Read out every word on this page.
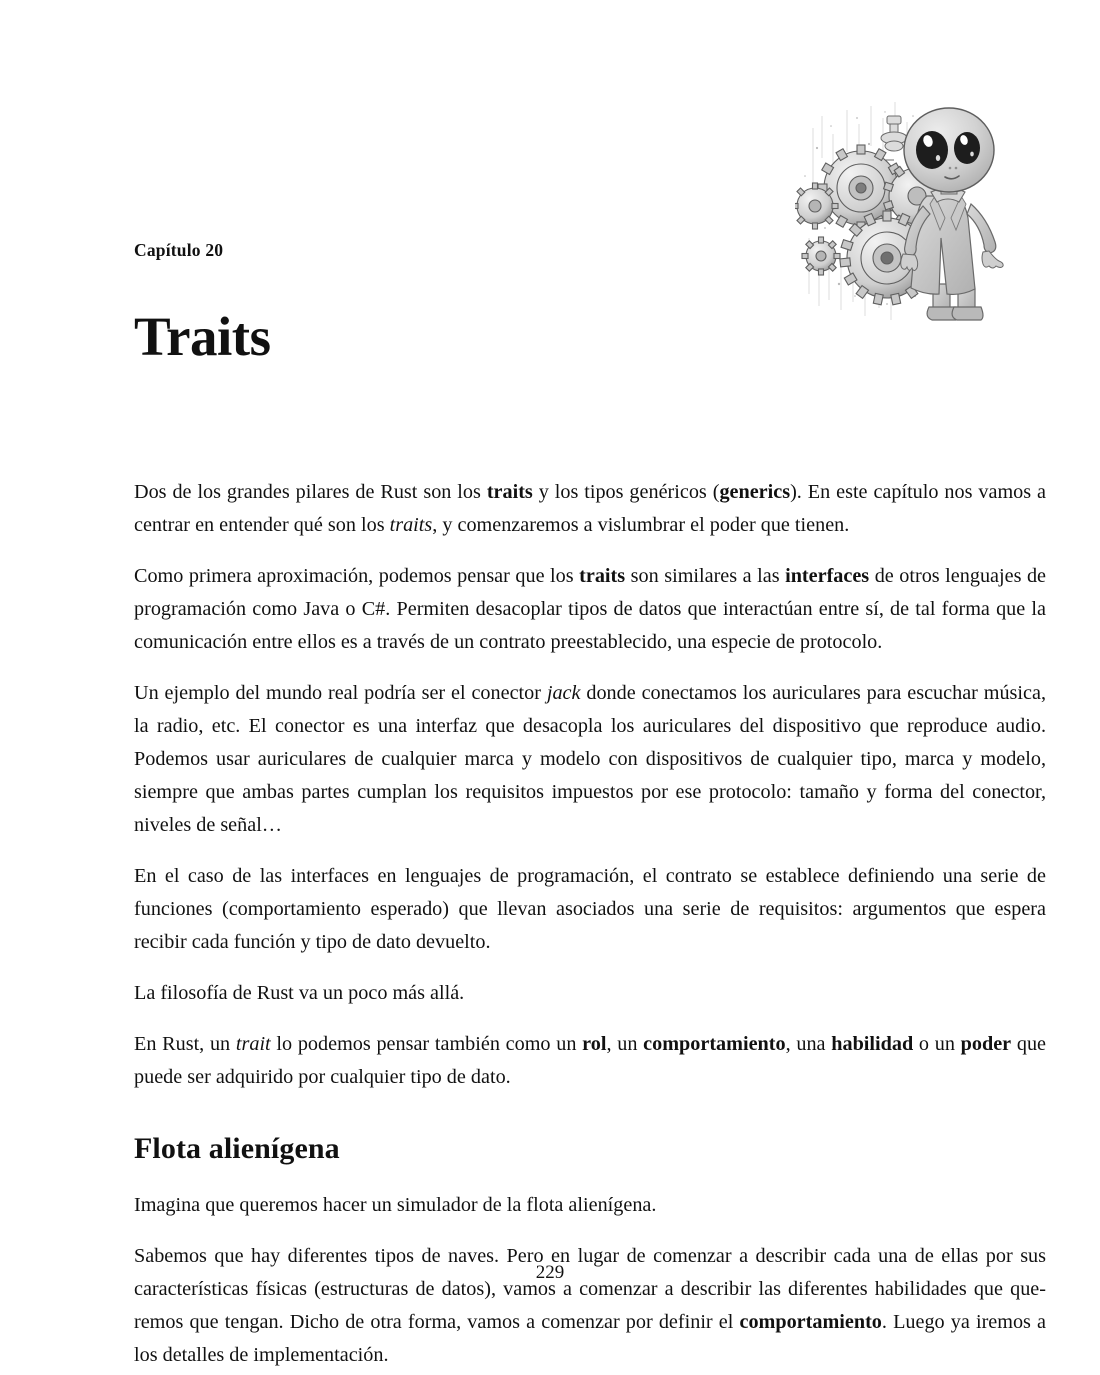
Capítulo 20
Traits

Dos de los grandes pilares de Rust son los traits y los tipos genéricos (generics). En este capítulo nos vamos a centrar en entender qué son los traits, y comenzaremos a vislumbrar el poder que tienen.

Como primera aproximación, podemos pensar que los traits son similares a las interfaces de otros lenguajes de programación como Java o C#. Permiten desacoplar tipos de datos que interactúan entre sí, de tal forma que la comunicación entre ellos es a través de un contrato preestablecido, una especie de protocolo.

Un ejemplo del mundo real podría ser el conector jack donde conectamos los auriculares para escuchar música, la radio, etc. El conector es una interfaz que desacopla los auriculares del dispositivo que reproduce audio. Podemos usar auriculares de cualquier marca y modelo con dispositivos de cualquier tipo, marca y modelo, siempre que ambas partes cumplan los requisitos impuestos por ese protocolo: tamaño y forma del conector, niveles de señal…

En el caso de las interfaces en lenguajes de programación, el contrato se establece definiendo una serie de funciones (comportamiento esperado) que llevan asociados una serie de requisitos: argumentos que espera recibir cada función y tipo de dato devuelto.

La filosofía de Rust va un poco más allá.

En Rust, un trait lo podemos pensar también como un rol, un comportamiento, una habilidad o un poder que puede ser adquirido por cualquier tipo de dato.

Flota alienígena

Imagina que queremos hacer un simulador de la flota alienígena.

Sabemos que hay diferentes tipos de naves. Pero en lugar de comenzar a describir cada una de ellas por sus características físicas (estructuras de datos), vamos a comenzar a describir las diferentes habilidades que que-remos que tengan. Dicho de otra forma, vamos a comenzar por definir el comportamiento. Luego ya iremos a los detalles de implementación.

229
